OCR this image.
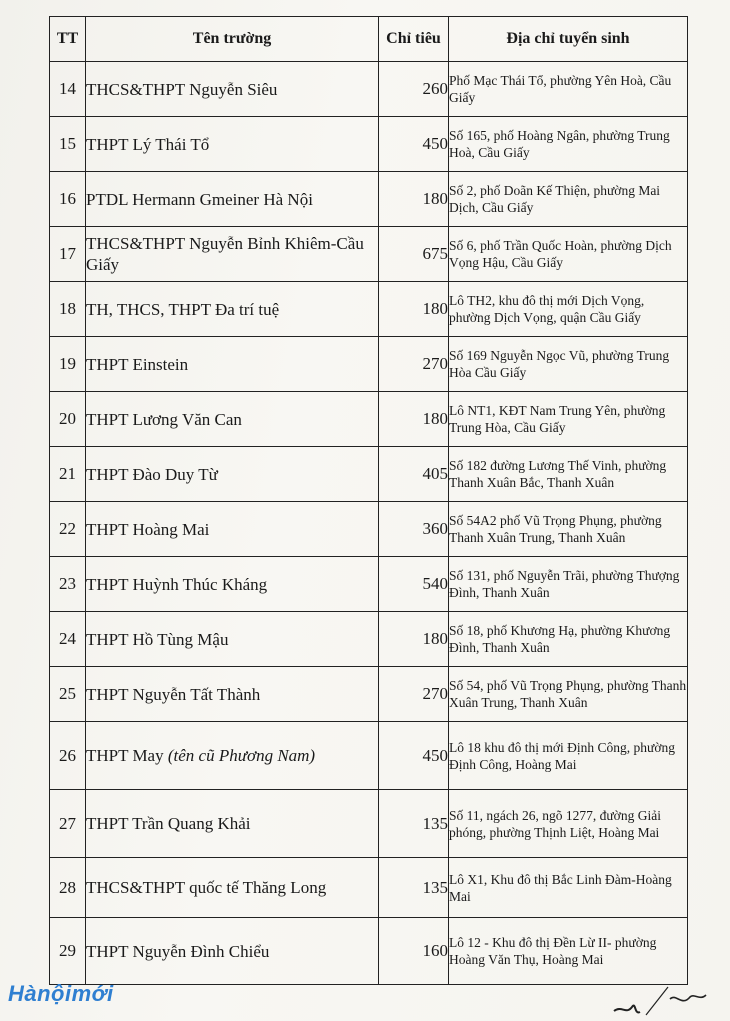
TT	Tên trường	Chỉ tiêu	Địa chỉ tuyển sinh
14	THCS&THPT Nguyễn Siêu	260	Phố Mạc Thái Tổ, phường Yên Hoà, Cầu Giấy
15	THPT Lý Thái Tổ	450	Số 165, phố Hoàng Ngân, phường Trung Hoà, Cầu Giấy
16	PTDL Hermann Gmeiner Hà Nội	180	Số 2, phố Doãn Kế Thiện, phường Mai Dịch, Cầu Giấy
17	THCS&THPT Nguyễn Bỉnh Khiêm-Cầu Giấy	675	Số 6, phố Trần Quốc Hoàn, phường Dịch Vọng Hậu, Cầu Giấy
18	TH, THCS, THPT Đa trí tuệ	180	Lô TH2, khu đô thị mới Dịch Vọng, phường Dịch Vọng, quận Cầu Giấy
19	THPT Einstein	270	Số 169 Nguyễn Ngọc Vũ, phường Trung Hòa Cầu Giấy
20	THPT Lương Văn Can	180	Lô NT1, KĐT Nam Trung Yên, phường Trung Hòa, Cầu Giấy
21	THPT Đào Duy Từ	405	Số 182 đường Lương Thế Vinh, phường Thanh Xuân Bắc, Thanh Xuân
22	THPT Hoàng Mai	360	Số 54A2 phố Vũ Trọng Phụng, phường Thanh Xuân Trung, Thanh Xuân
23	THPT Huỳnh Thúc Kháng	540	Số 131, phố Nguyễn Trãi, phường Thượng Đình, Thanh Xuân
24	THPT Hồ Tùng Mậu	180	Số 18, phố Khương Hạ, phường Khương Đình, Thanh Xuân
25	THPT Nguyễn Tất Thành	270	Số 54, phố Vũ Trọng Phụng, phường Thanh Xuân Trung, Thanh Xuân
26	THPT May (tên cũ Phương Nam)	450	Lô 18 khu đô thị mới Định Công, phường Định Công, Hoàng Mai
27	THPT Trần Quang Khải	135	Số 11, ngách 26, ngõ 1277, đường Giải phóng, phường Thịnh Liệt, Hoàng Mai
28	THCS&THPT quốc tế Thăng Long	135	Lô X1, Khu đô thị Bắc Linh Đàm-Hoàng Mai
29	THPT Nguyễn Đình Chiểu	160	Lô 12 - Khu đô thị Đền Lừ II- phường Hoàng Văn Thụ, Hoàng Mai
Hànộimới
